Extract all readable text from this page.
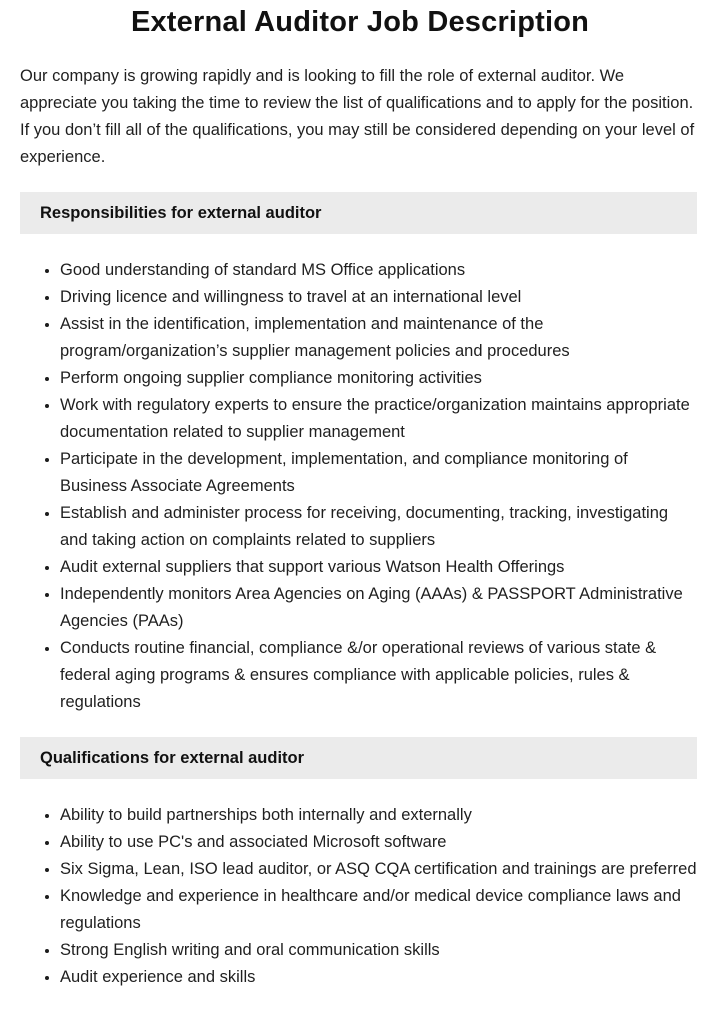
External Auditor Job Description

Our company is growing rapidly and is looking to fill the role of external auditor. We appreciate you taking the time to review the list of qualifications and to apply for the position. If you don’t fill all of the qualifications, you may still be considered depending on your level of experience.

Responsibilities for external auditor
• Good understanding of standard MS Office applications
• Driving licence and willingness to travel at an international level
• Assist in the identification, implementation and maintenance of the program/organization’s supplier management policies and procedures
• Perform ongoing supplier compliance monitoring activities
• Work with regulatory experts to ensure the practice/organization maintains appropriate documentation related to supplier management
• Participate in the development, implementation, and compliance monitoring of Business Associate Agreements
• Establish and administer process for receiving, documenting, tracking, investigating and taking action on complaints related to suppliers
• Audit external suppliers that support various Watson Health Offerings
• Independently monitors Area Agencies on Aging (AAAs) & PASSPORT Administrative Agencies (PAAs)
• Conducts routine financial, compliance &/or operational reviews of various state & federal aging programs & ensures compliance with applicable policies, rules & regulations
Qualifications for external auditor
• Ability to build partnerships both internally and externally
• Ability to use PC's and associated Microsoft software
• Six Sigma, Lean, ISO lead auditor, or ASQ CQA certification and trainings are preferred
• Knowledge and experience in healthcare and/or medical device compliance laws and regulations
• Strong English writing and oral communication skills
• Audit experience and skills
